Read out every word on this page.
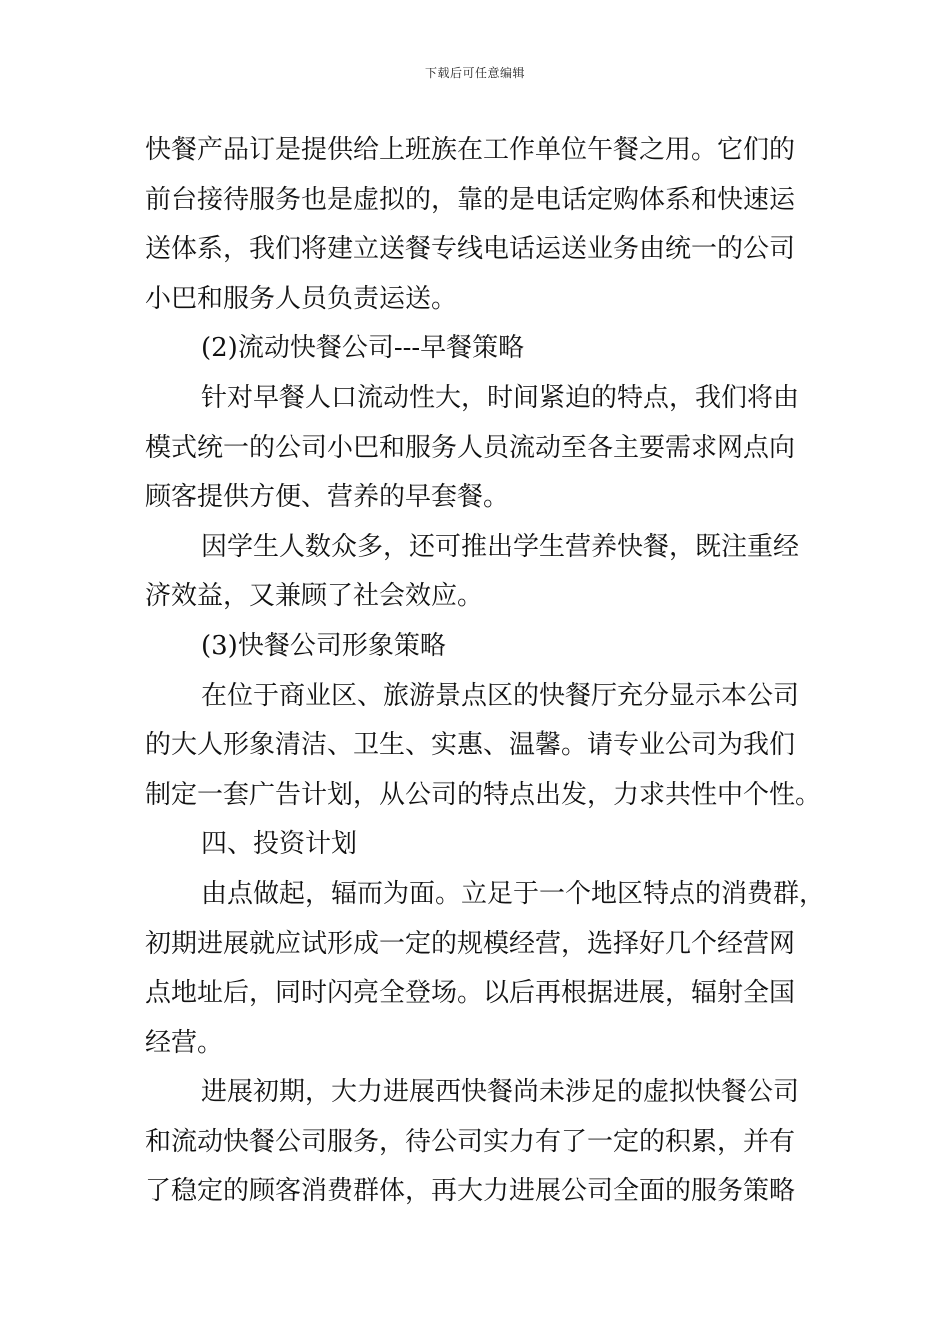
下载后可任意编辑
快餐产品订是提供给上班族在工作单位午餐之用。它们的
前台接待服务也是虚拟的，靠的是电话定购体系和快速运
送体系，我们将建立送餐专线电话运送业务由统一的公司
小巴和服务人员负责运送。
(2)流动快餐公司---早餐策略
针对早餐人口流动性大，时间紧迫的特点，我们将由
模式统一的公司小巴和服务人员流动至各主要需求网点向
顾客提供方便、营养的早套餐。
因学生人数众多，还可推出学生营养快餐，既注重经
济效益，又兼顾了社会效应。
(3)快餐公司形象策略
在位于商业区、旅游景点区的快餐厅充分显示本公司
的大人形象清洁、卫生、实惠、温馨。请专业公司为我们
制定一套广告计划，从公司的特点出发，力求共性中个性。
四、投资计划
由点做起，辐而为面。立足于一个地区特点的消费群，
初期进展就应试形成一定的规模经营，选择好几个经营网
点地址后，同时闪亮全登场。以后再根据进展，辐射全国
经营。
进展初期，大力进展西快餐尚未涉足的虚拟快餐公司
和流动快餐公司服务，待公司实力有了一定的积累，并有
了稳定的顾客消费群体，再大力进展公司全面的服务策略
